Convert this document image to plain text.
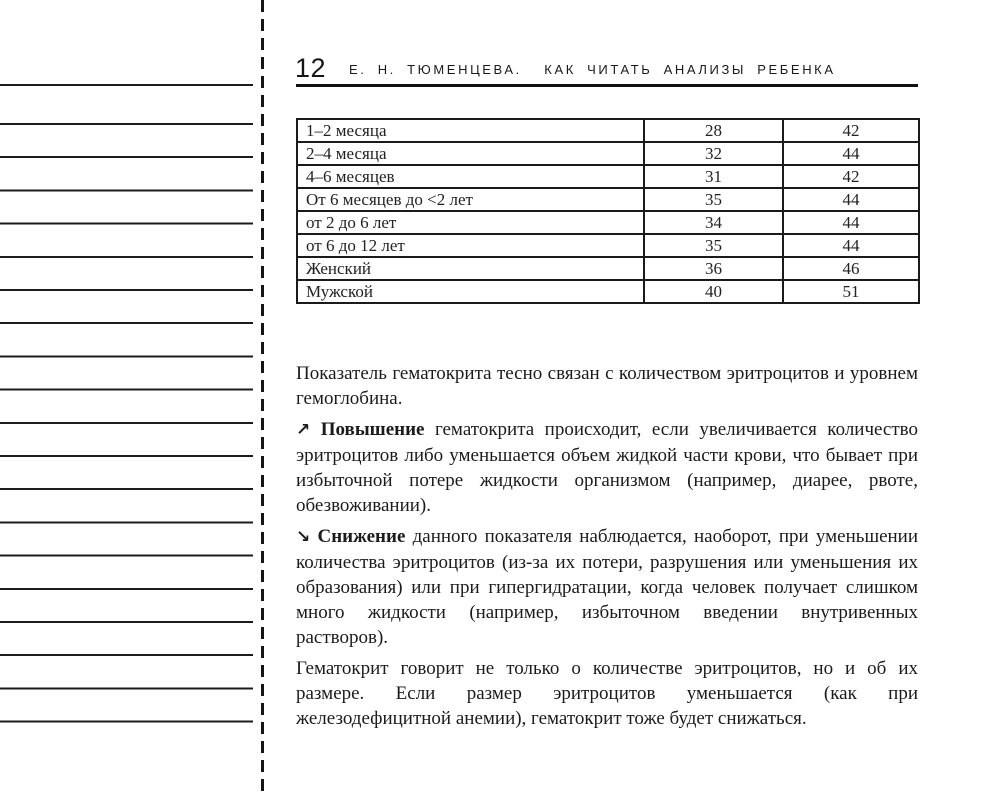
12 Е. Н. ТЮМЕНЦЕВА.  КАК ЧИТАТЬ АНАЛИЗЫ РЕБЕНКА
1–2 месяца	28	42
2–4 месяца	32	44
4–6 месяцев	31	42
От 6 месяцев до <2 лет	35	44
от 2 до 6 лет	34	44
от 6 до 12 лет	35	44
Женский	36	46
Мужской	40	51

Показатель гематокрита тесно связан с количеством эритроцитов и уровнем гемоглобина.

↗ Повышение гематокрита происходит, если увеличивается количество эритроцитов либо уменьшается объем жидкой части крови, что бывает при избыточной потере жидкости организмом (например, диарее, рвоте, обезвоживании).

↘ Снижение данного показателя наблюдается, наоборот, при уменьшении количества эритроцитов (из-за их потери, разрушения или уменьшения их образования) или при гипергидратации, когда человек получает слишком много жидкости (например, избыточном введении внутривенных растворов).

Гематокрит говорит не только о количестве эритроцитов, но и об их размере. Если размер эритроцитов уменьшается (как при железодефицитной анемии), гематокрит тоже будет снижаться.
